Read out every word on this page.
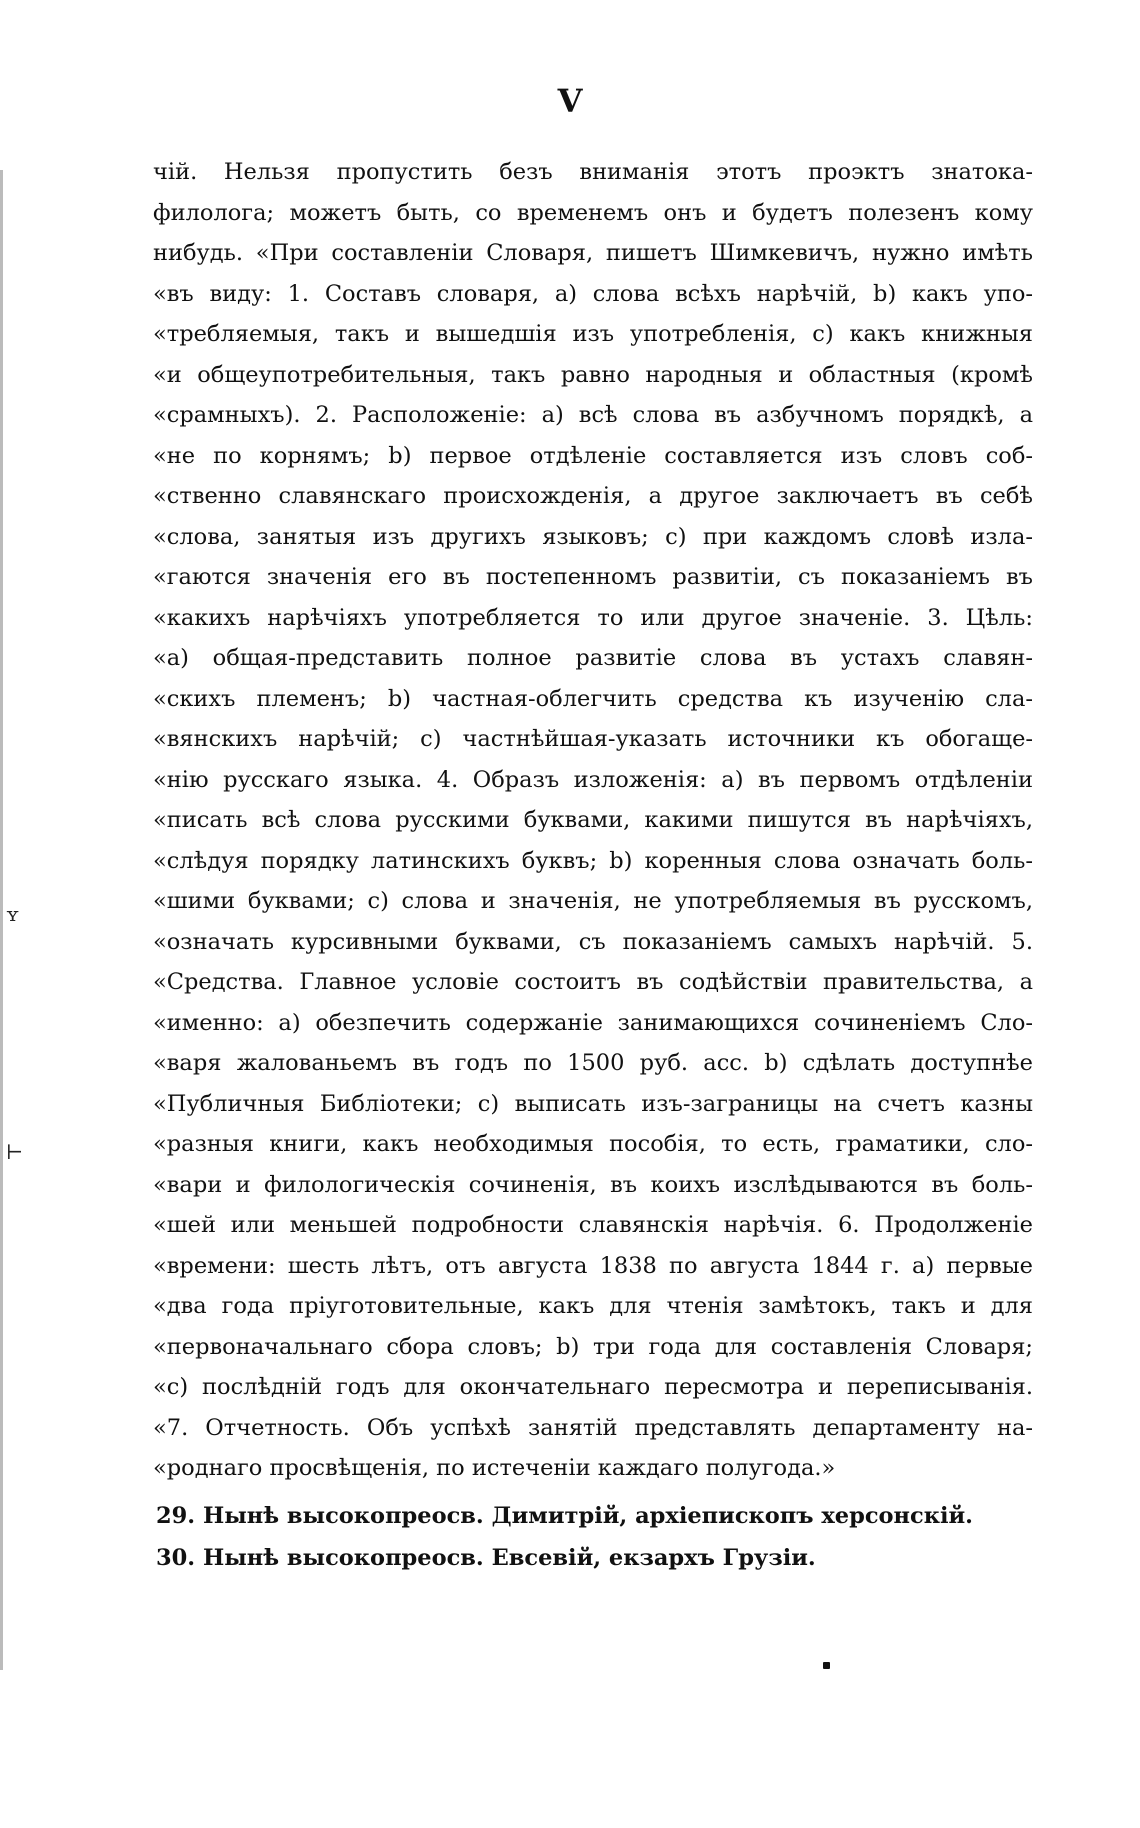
ʏ
⊢
V
чій. Нельзя пропустить безъ вниманія этотъ проэктъ знатока-
филолога; можетъ быть, со временемъ онъ и будетъ полезенъ кому
нибудь. «При составленіи Словаря, пишетъ Шимкевичъ, нужно имѣть
«въ виду: 1. Составъ словаря, a) слова всѣхъ нарѣчій, b) какъ упо-
«требляемыя, такъ и вышедшія изъ употребленія, c) какъ книжныя
«и общеупотребительныя, такъ равно народныя и областныя (кромѣ
«срамныхъ). 2. Расположеніе: a) всѣ слова въ азбучномъ порядкѣ, a
«не по корнямъ; b) первое отдѣленіе составляется изъ словъ соб-
«ственно славянскаго происхожденія, а другое заключаетъ въ себѣ
«слова, занятыя изъ другихъ языковъ; c) при каждомъ словѣ изла-
«гаются значенія его въ постепенномъ развитіи, съ показаніемъ въ
«какихъ нарѣчіяхъ употребляется то или другое значеніе. 3. Цѣль:
«a) общая-представить полное развитіе слова въ устахъ славян-
«скихъ племенъ; b) частная-облегчить средства къ изученію сла-
«вянскихъ нарѣчій; c) частнѣйшая-указать источники къ обогаще-
«нію русскаго языка. 4. Образъ изложенія: a) въ первомъ отдѣленіи
«писать всѣ слова русскими буквами, какими пишутся въ нарѣчіяхъ,
«слѣдуя порядку латинскихъ буквъ; b) коренныя слова означать боль-
«шими буквами; c) слова и значенія, не употребляемыя въ русскомъ,
«означать курсивными буквами, съ показаніемъ самыхъ нарѣчій. 5.
«Средства. Главное условіе состоитъ въ содѣйствіи правительства, а
«именно: a) обезпечить содержаніе занимающихся сочиненіемъ Сло-
«варя жалованьемъ въ годъ по 1500 руб. асс. b) сдѣлать доступнѣе
«Публичныя Библіотеки; c) выписать изъ-заграницы на счетъ казны
«разныя книги, какъ необходимыя пособія, то есть, граматики, сло-
«вари и филологическія сочиненія, въ коихъ изслѣдываются въ боль-
«шей или меньшей подробности славянскія нарѣчія. 6. Продолженіе
«времени: шесть лѣтъ, отъ августа 1838 по августа 1844 г. a) первые
«два года пріуготовительные, какъ для чтенія замѣтокъ, такъ и для
«первоначальнаго сбора словъ; b) три года для составленія Словаря;
«c) послѣдній годъ для окончательнаго пересмотра и переписыванія.
«7. Отчетность. Объ успѣхѣ занятій представлять департаменту на-
«роднаго просвѣщенія, по истеченіи каждаго полугода.»
29. Нынѣ высокопреосв. Димитрій, архіепископъ херсонскій.
30. Нынѣ высокопреосв. Евсевій, екзархъ Грузіи.
